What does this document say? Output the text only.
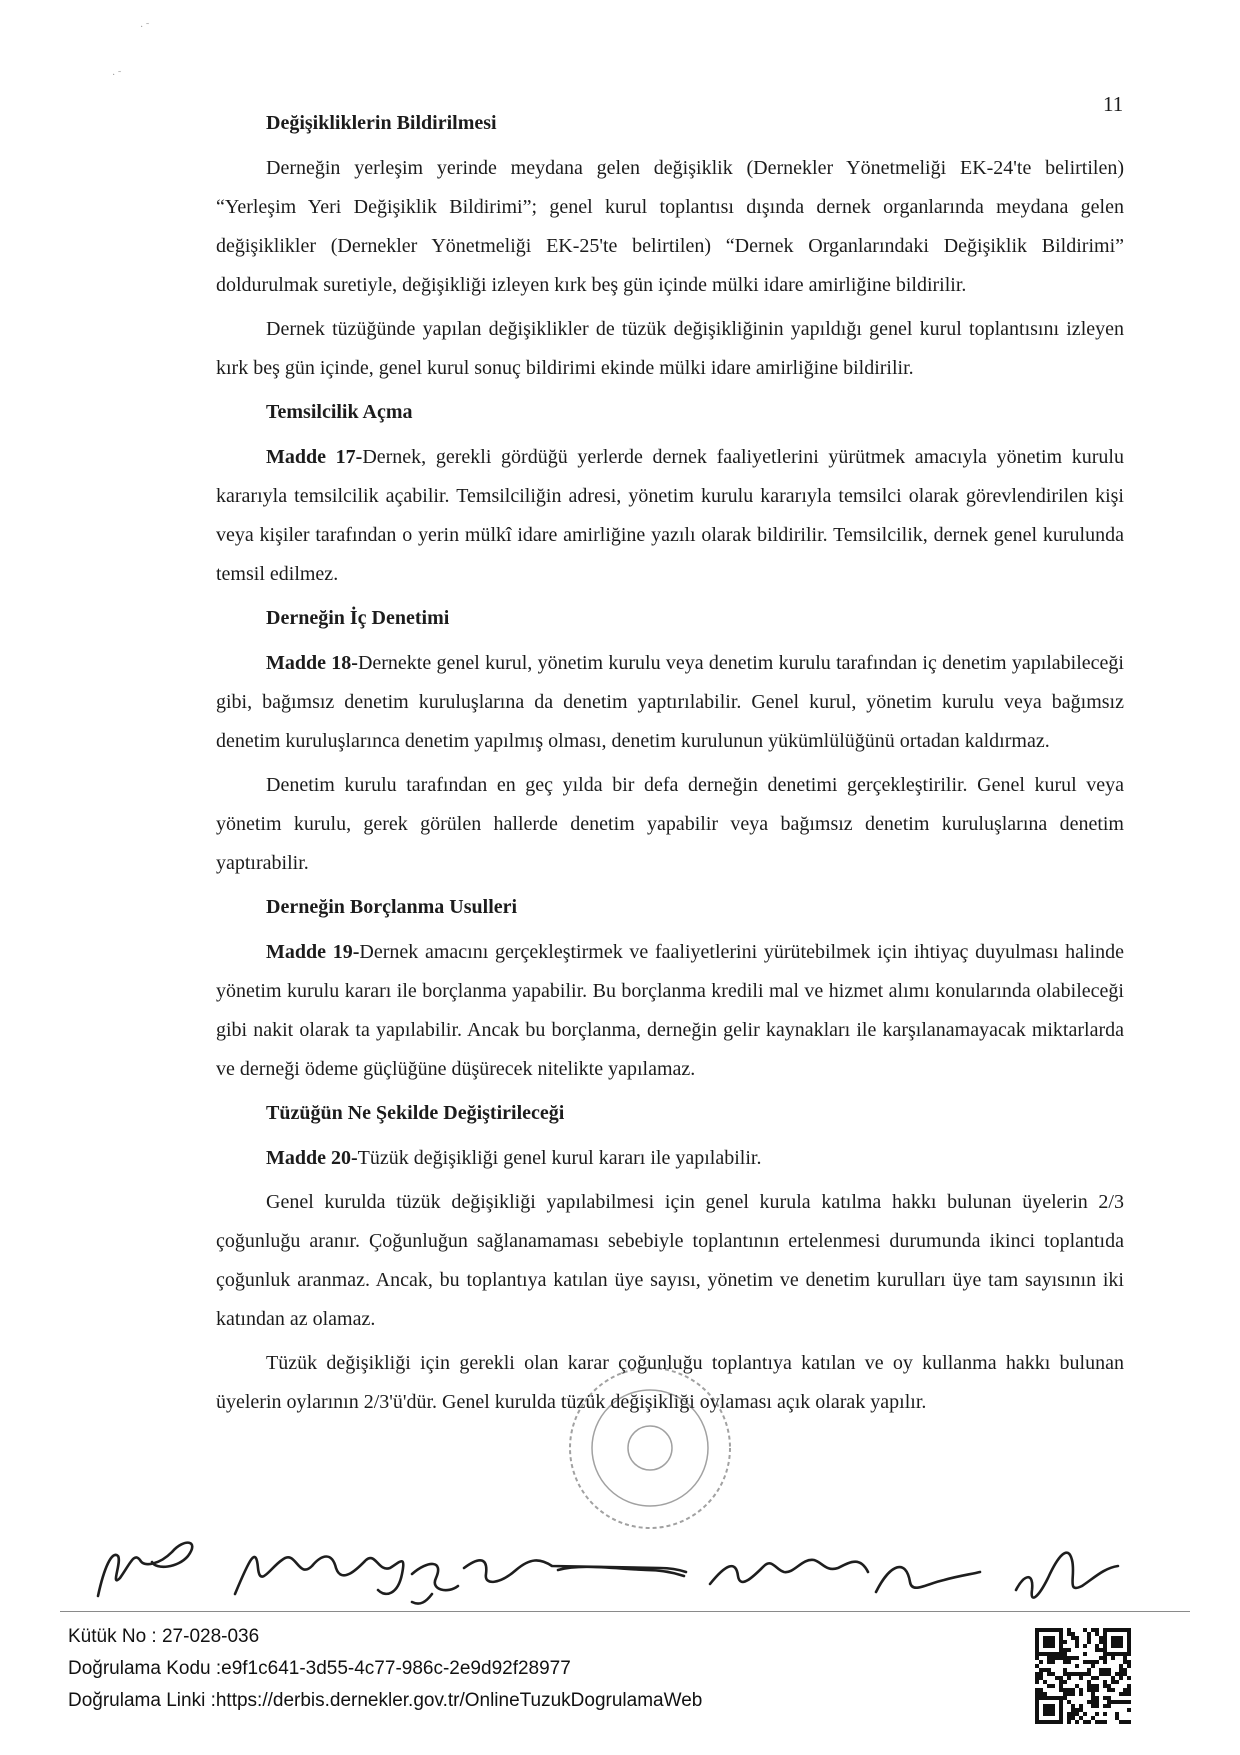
· ˜
· ˜
11
Değişikliklerin Bildirilmesi

Derneğin yerleşim yerinde meydana gelen değişiklik (Dernekler Yönetmeliği EK-24'te belirtilen) “Yerleşim Yeri Değişiklik Bildirimi”; genel kurul toplantısı dışında dernek organlarında meydana gelen değişiklikler (Dernekler Yönetmeliği EK-25'te belirtilen) “Dernek Organlarındaki Değişiklik Bildirimi” doldurulmak suretiyle, değişikliği izleyen kırk beş gün içinde mülki idare amirliğine bildirilir.

Dernek tüzüğünde yapılan değişiklikler de tüzük değişikliğinin yapıldığı genel kurul toplantısını izleyen kırk beş gün içinde, genel kurul sonuç bildirimi ekinde mülki idare amirliğine bildirilir.

Temsilcilik Açma

Madde 17-Dernek, gerekli gördüğü yerlerde dernek faaliyetlerini yürütmek amacıyla yönetim kurulu kararıyla temsilcilik açabilir. Temsilciliğin adresi, yönetim kurulu kararıyla temsilci olarak görevlendirilen kişi veya kişiler tarafından o yerin mülkî idare amirliğine yazılı olarak bildirilir. Temsilcilik, dernek genel kurulunda temsil edilmez.

Derneğin İç Denetimi

Madde 18-Dernekte genel kurul, yönetim kurulu veya denetim kurulu tarafından iç denetim yapılabileceği gibi, bağımsız denetim kuruluşlarına da denetim yaptırılabilir. Genel kurul, yönetim kurulu veya bağımsız denetim kuruluşlarınca denetim yapılmış olması, denetim kurulunun yükümlülüğünü ortadan kaldırmaz.

Denetim kurulu tarafından en geç yılda bir defa derneğin denetimi gerçekleştirilir. Genel kurul veya yönetim kurulu, gerek görülen hallerde denetim yapabilir veya bağımsız denetim kuruluşlarına denetim yaptırabilir.

Derneğin Borçlanma Usulleri

Madde 19-Dernek amacını gerçekleştirmek ve faaliyetlerini yürütebilmek için ihtiyaç duyulması halinde yönetim kurulu kararı ile borçlanma yapabilir. Bu borçlanma kredili mal ve hizmet alımı konularında olabileceği gibi nakit olarak ta yapılabilir. Ancak bu borçlanma, derneğin gelir kaynakları ile karşılanamayacak miktarlarda ve derneği ödeme güçlüğüne düşürecek nitelikte yapılamaz.

Tüzüğün Ne Şekilde Değiştirileceği

Madde 20-Tüzük değişikliği genel kurul kararı ile yapılabilir.

Genel kurulda tüzük değişikliği yapılabilmesi için genel kurula katılma hakkı bulunan üyelerin 2/3 çoğunluğu aranır. Çoğunluğun sağlanamaması sebebiyle toplantının ertelenmesi durumunda ikinci toplantıda çoğunluk aranmaz. Ancak, bu toplantıya katılan üye sayısı, yönetim ve denetim kurulları üye tam sayısının iki katından az olamaz.

Tüzük değişikliği için gerekli olan karar çoğunluğu toplantıya katılan ve oy kullanma hakkı bulunan üyelerin oylarının 2/3'ü'dür. Genel kurulda tüzük değişikliği oylaması açık olarak yapılır.

Kütük No : 27-028-036
Doğrulama Kodu :e9f1c641-3d55-4c77-986c-2e9d92f28977
Doğrulama Linki :https://derbis.dernekler.gov.tr/OnlineTuzukDogrulamaWeb
